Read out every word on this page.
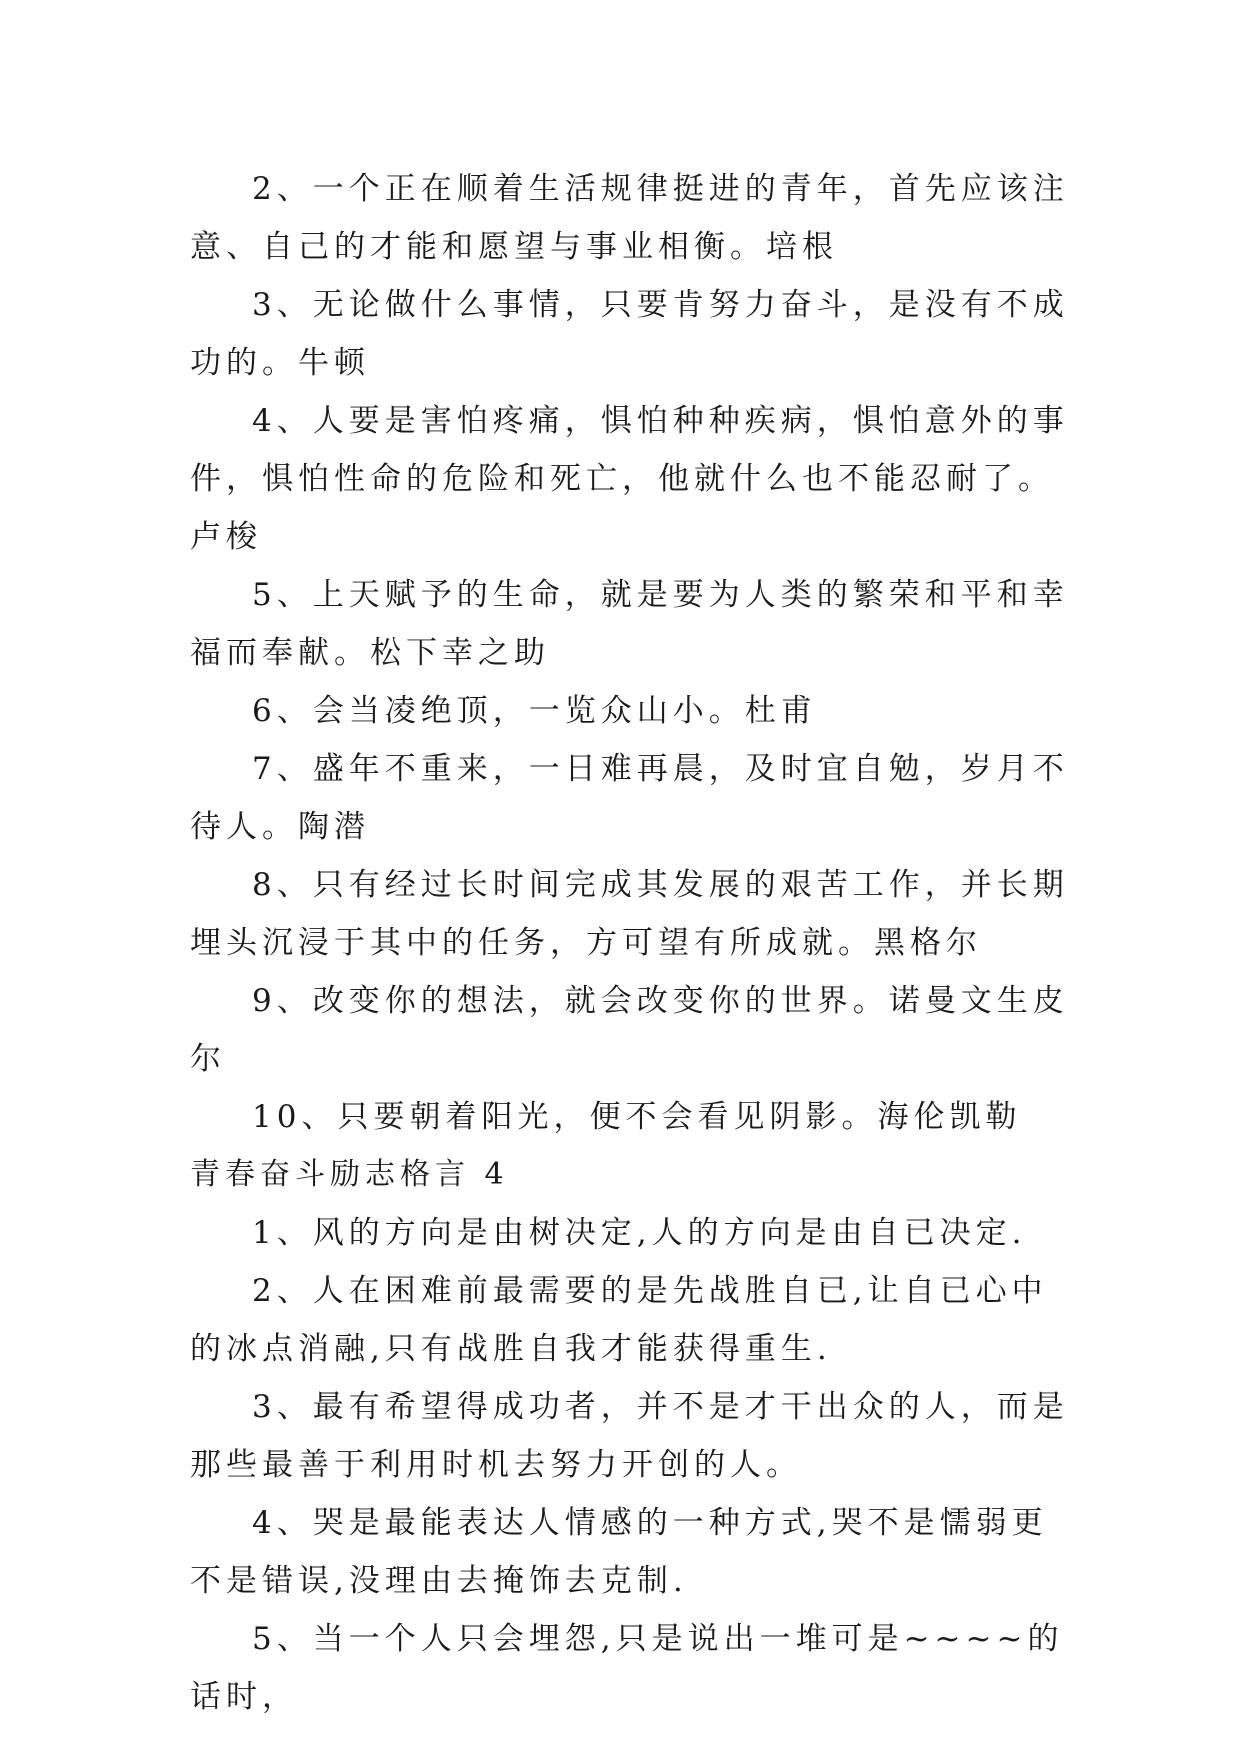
2、一个正在顺着生活规律挺进的青年，首先应该注意、自己的才能和愿望与事业相衡。培根

3、无论做什么事情，只要肯努力奋斗，是没有不成功的。牛顿

4、人要是害怕疼痛，惧怕种种疾病，惧怕意外的事件，惧怕性命的危险和死亡，他就什么也不能忍耐了。卢梭

5、上天赋予的生命，就是要为人类的繁荣和平和幸福而奉献。松下幸之助

6、会当凌绝顶，一览众山小。杜甫

7、盛年不重来，一日难再晨，及时宜自勉，岁月不待人。陶潜

8、只有经过长时间完成其发展的艰苦工作，并长期埋头沉浸于其中的任务，方可望有所成就。黑格尔

9、改变你的想法，就会改变你的世界。诺曼文生皮尔

10、只要朝着阳光，便不会看见阴影。海伦凯勒

青春奋斗励志格言 4

1、风的方向是由树决定,人的方向是由自已决定.

2、人在困难前最需要的是先战胜自已,让自已心中的冰点消融,只有战胜自我才能获得重生.

3、最有希望得成功者，并不是才干出众的人，而是那些最善于利用时机去努力开创的人。

4、哭是最能表达人情感的一种方式,哭不是懦弱更不是错误,没理由去掩饰去克制.

5、当一个人只会埋怨,只是说出一堆可是~~~~的话时，
